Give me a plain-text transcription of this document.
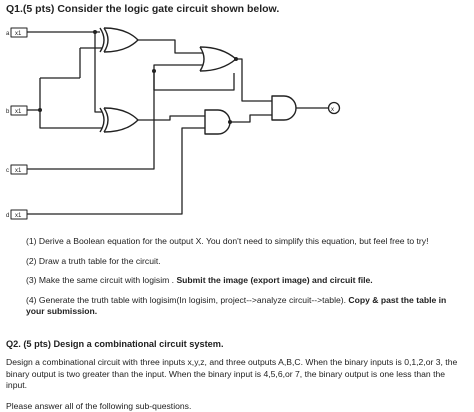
Q1.(5 pts) Consider the logic gate circuit shown below.
a
b
c
d
x1
x1
x1
x1
x

(1) Derive a Boolean equation for the output X. You don't need to simplify this equation, but feel free to try!

(2) Draw a truth table for the circuit.

(3) Make the same circuit with logisim . Submit the image (export image) and circuit file.

(4) Generate the truth table with logisim(In logisim, project-->analyze circuit-->table). Copy & past the table in your submission.

Q2. (5 pts) Design a combinational circuit system.
Design a combinational circuit with three inputs x,y,z, and three outputs A,B,C. When the binary inputs is 0,1,2,or 3, the binary output is two greater than the input. When the binary input is 4,5,6,or 7, the binary output is one less than the input.
Please answer all of the following sub-questions.
